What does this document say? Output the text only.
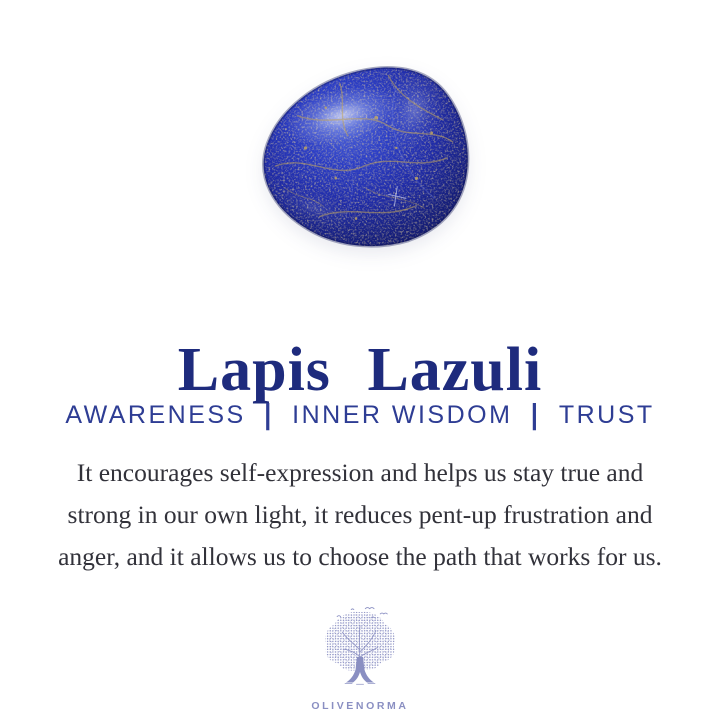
Lapis Lazuli
AWARENESS | INNER WISDOM | TRUST
It encourages self-expression and helps us stay true and
strong in our own light, it reduces pent-up frustration and
anger, and it allows us to choose the path that works for us.
OLIVENORMA
